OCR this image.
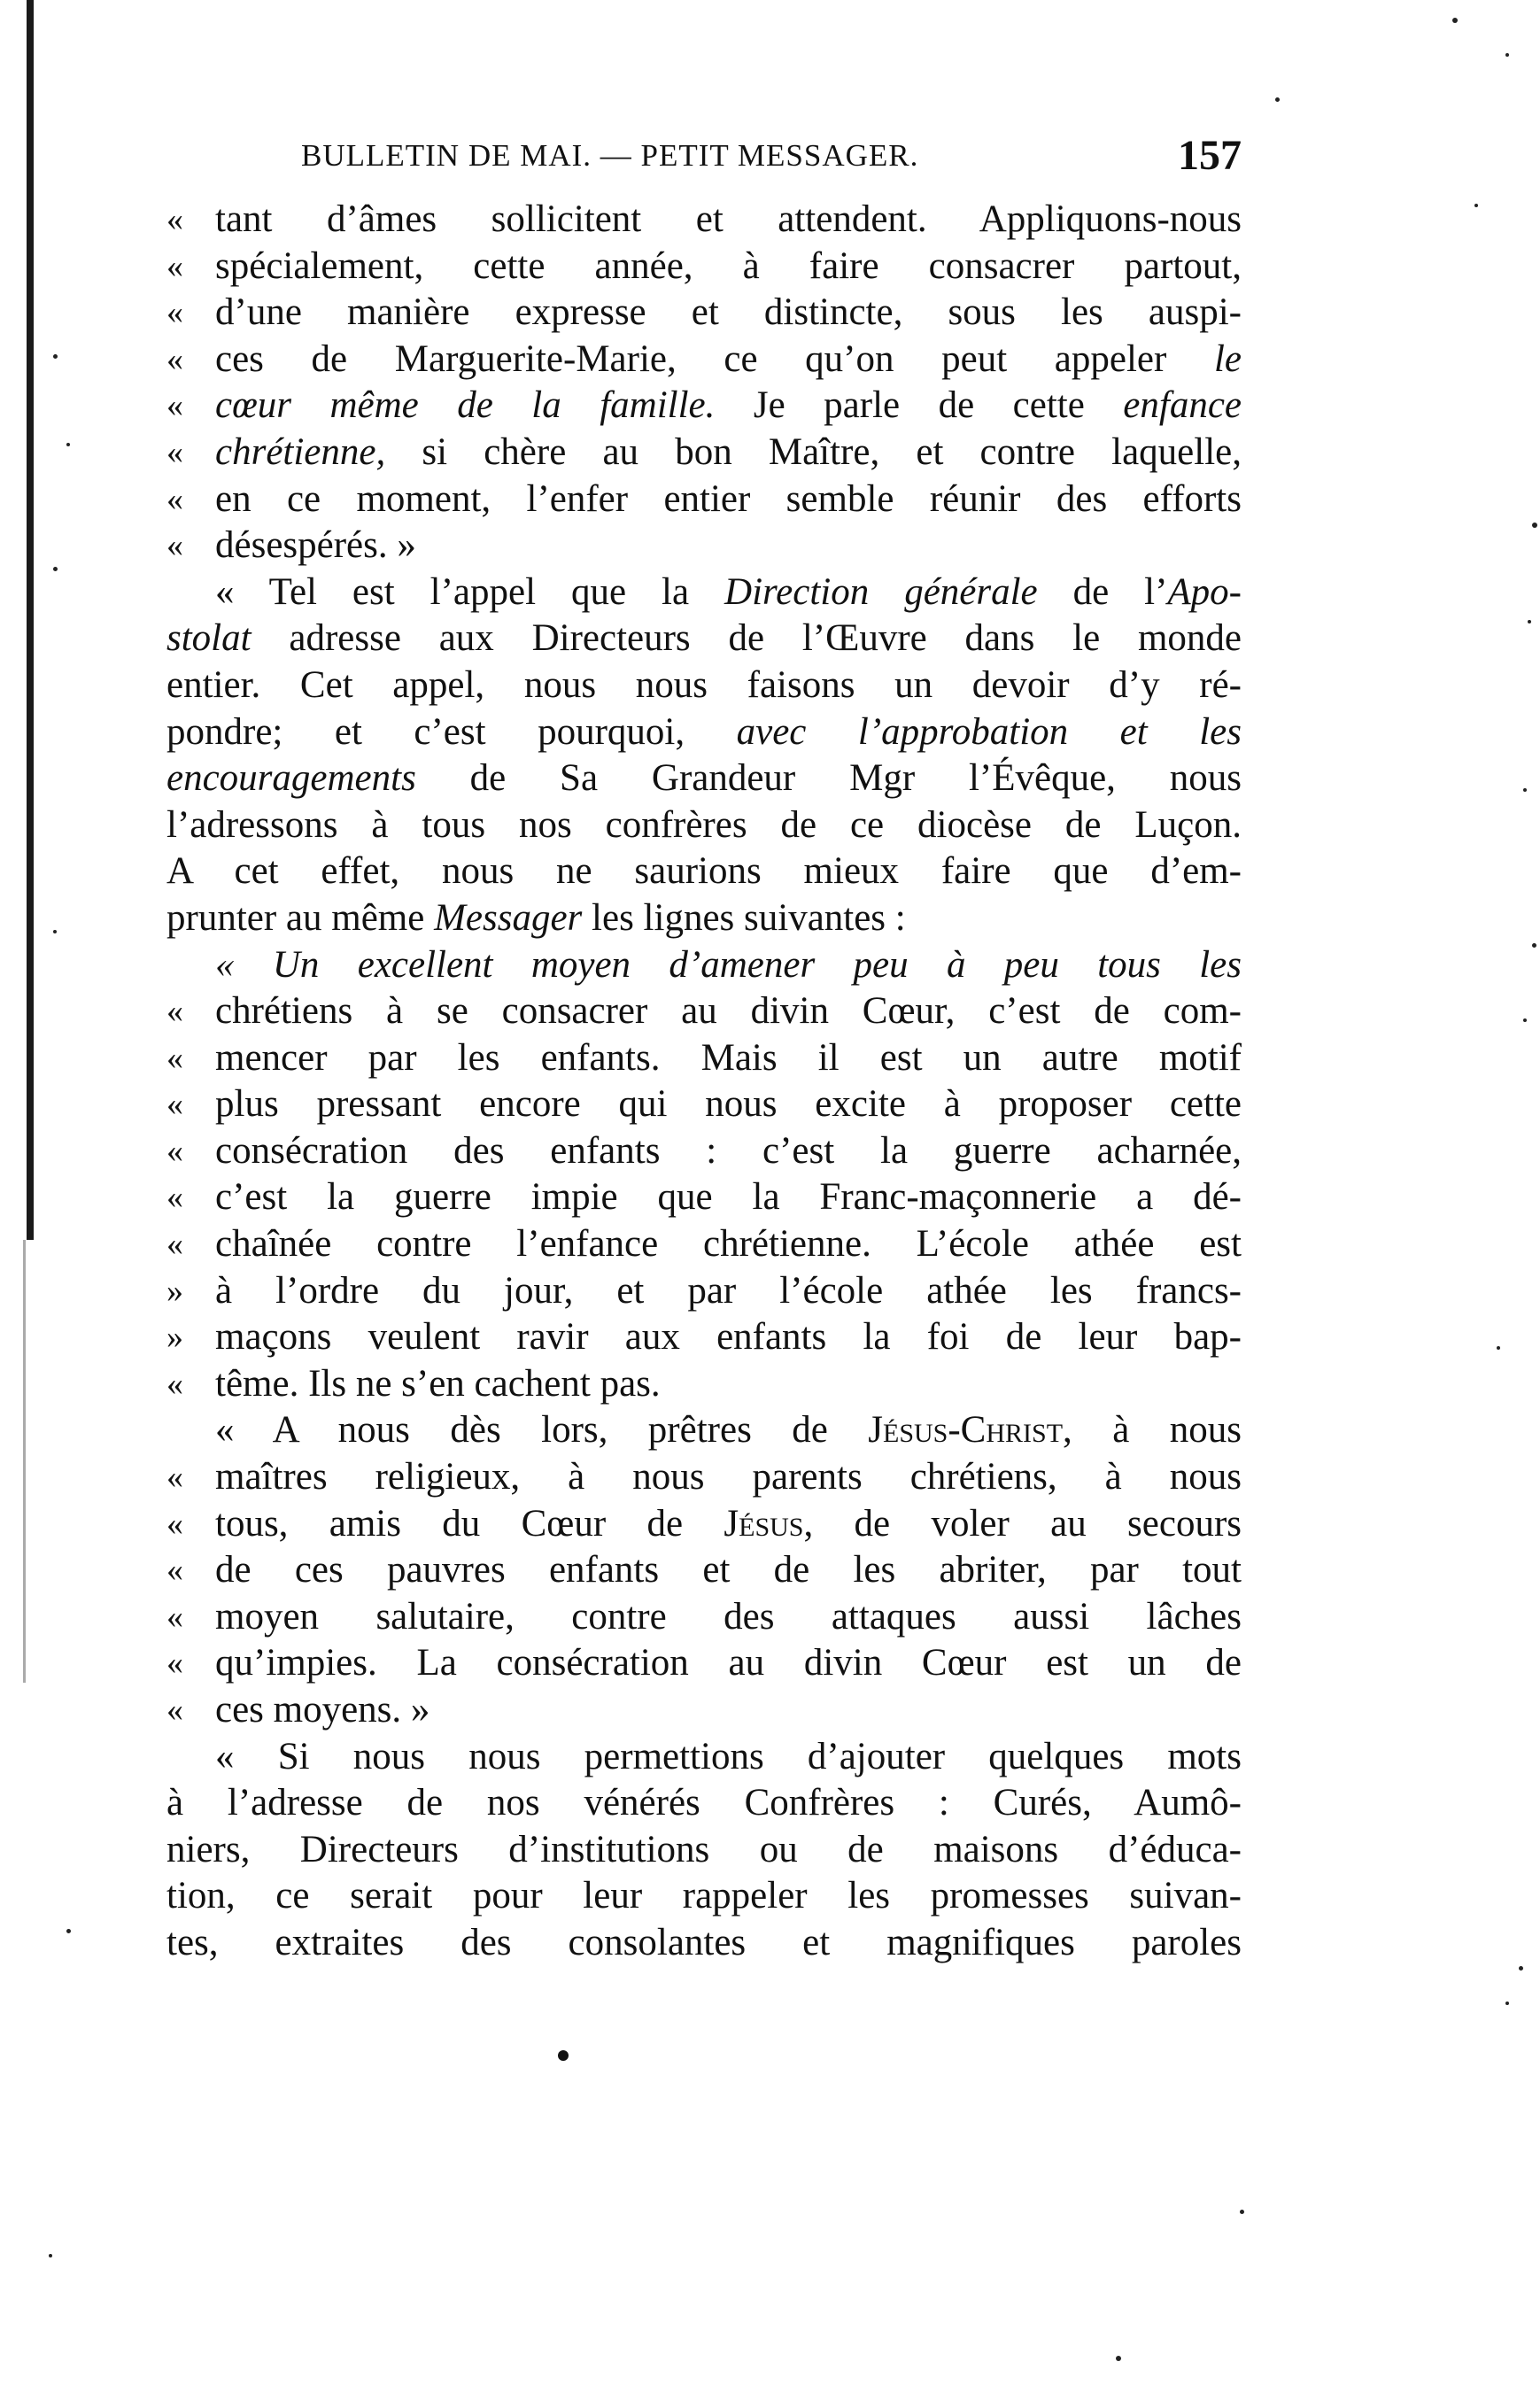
BULLETIN DE MAI. — PETIT MESSAGER.	157
« tant d’âmes sollicitent et attendent. Appliquons-nous
« spécialement, cette année, à faire consacrer partout,
« d’une manière expresse et distincte, sous les auspi-
« ces de Marguerite-Marie, ce qu’on peut appeler le
« cœur même de la famille. Je parle de cette enfance
« chrétienne, si chère au bon Maître, et contre laquelle,
« en ce moment, l’enfer entier semble réunir des efforts
« désespérés. »
« Tel est l’appel que la Direction générale de l’Apo-
stolat adresse aux Directeurs de l’Œuvre dans le monde
entier. Cet appel, nous nous faisons un devoir d’y ré-
pondre; et c’est pourquoi, avec l’approbation et les
encouragements de Sa Grandeur Mgr l’Évêque, nous
l’adressons à tous nos confrères de ce diocèse de Luçon.
A cet effet, nous ne saurions mieux faire que d’em-
prunter au même Messager les lignes suivantes :
« Un excellent moyen d’amener peu à peu tous les
« chrétiens à se consacrer au divin Cœur, c’est de com-
« mencer par les enfants. Mais il est un autre motif
« plus pressant encore qui nous excite à proposer cette
« consécration des enfants : c’est la guerre acharnée,
« c’est la guerre impie que la Franc-maçonnerie a dé-
« chaînée contre l’enfance chrétienne. L’école athée est
» à l’ordre du jour, et par l’école athée les francs-
» maçons veulent ravir aux enfants la foi de leur bap-
« tême. Ils ne s’en cachent pas.
« A nous dès lors, prêtres de Jésus-Christ, à nous
« maîtres religieux, à nous parents chrétiens, à nous
« tous, amis du Cœur de Jésus, de voler au secours
« de ces pauvres enfants et de les abriter, par tout
« moyen salutaire, contre des attaques aussi lâches
« qu’impies. La consécration au divin Cœur est un de
« ces moyens. »
« Si nous nous permettions d’ajouter quelques mots
à l’adresse de nos vénérés Confrères : Curés, Aumô-
niers, Directeurs d’institutions ou de maisons d’éduca-
tion, ce serait pour leur rappeler les promesses suivan-
tes, extraites des consolantes et magnifiques paroles
